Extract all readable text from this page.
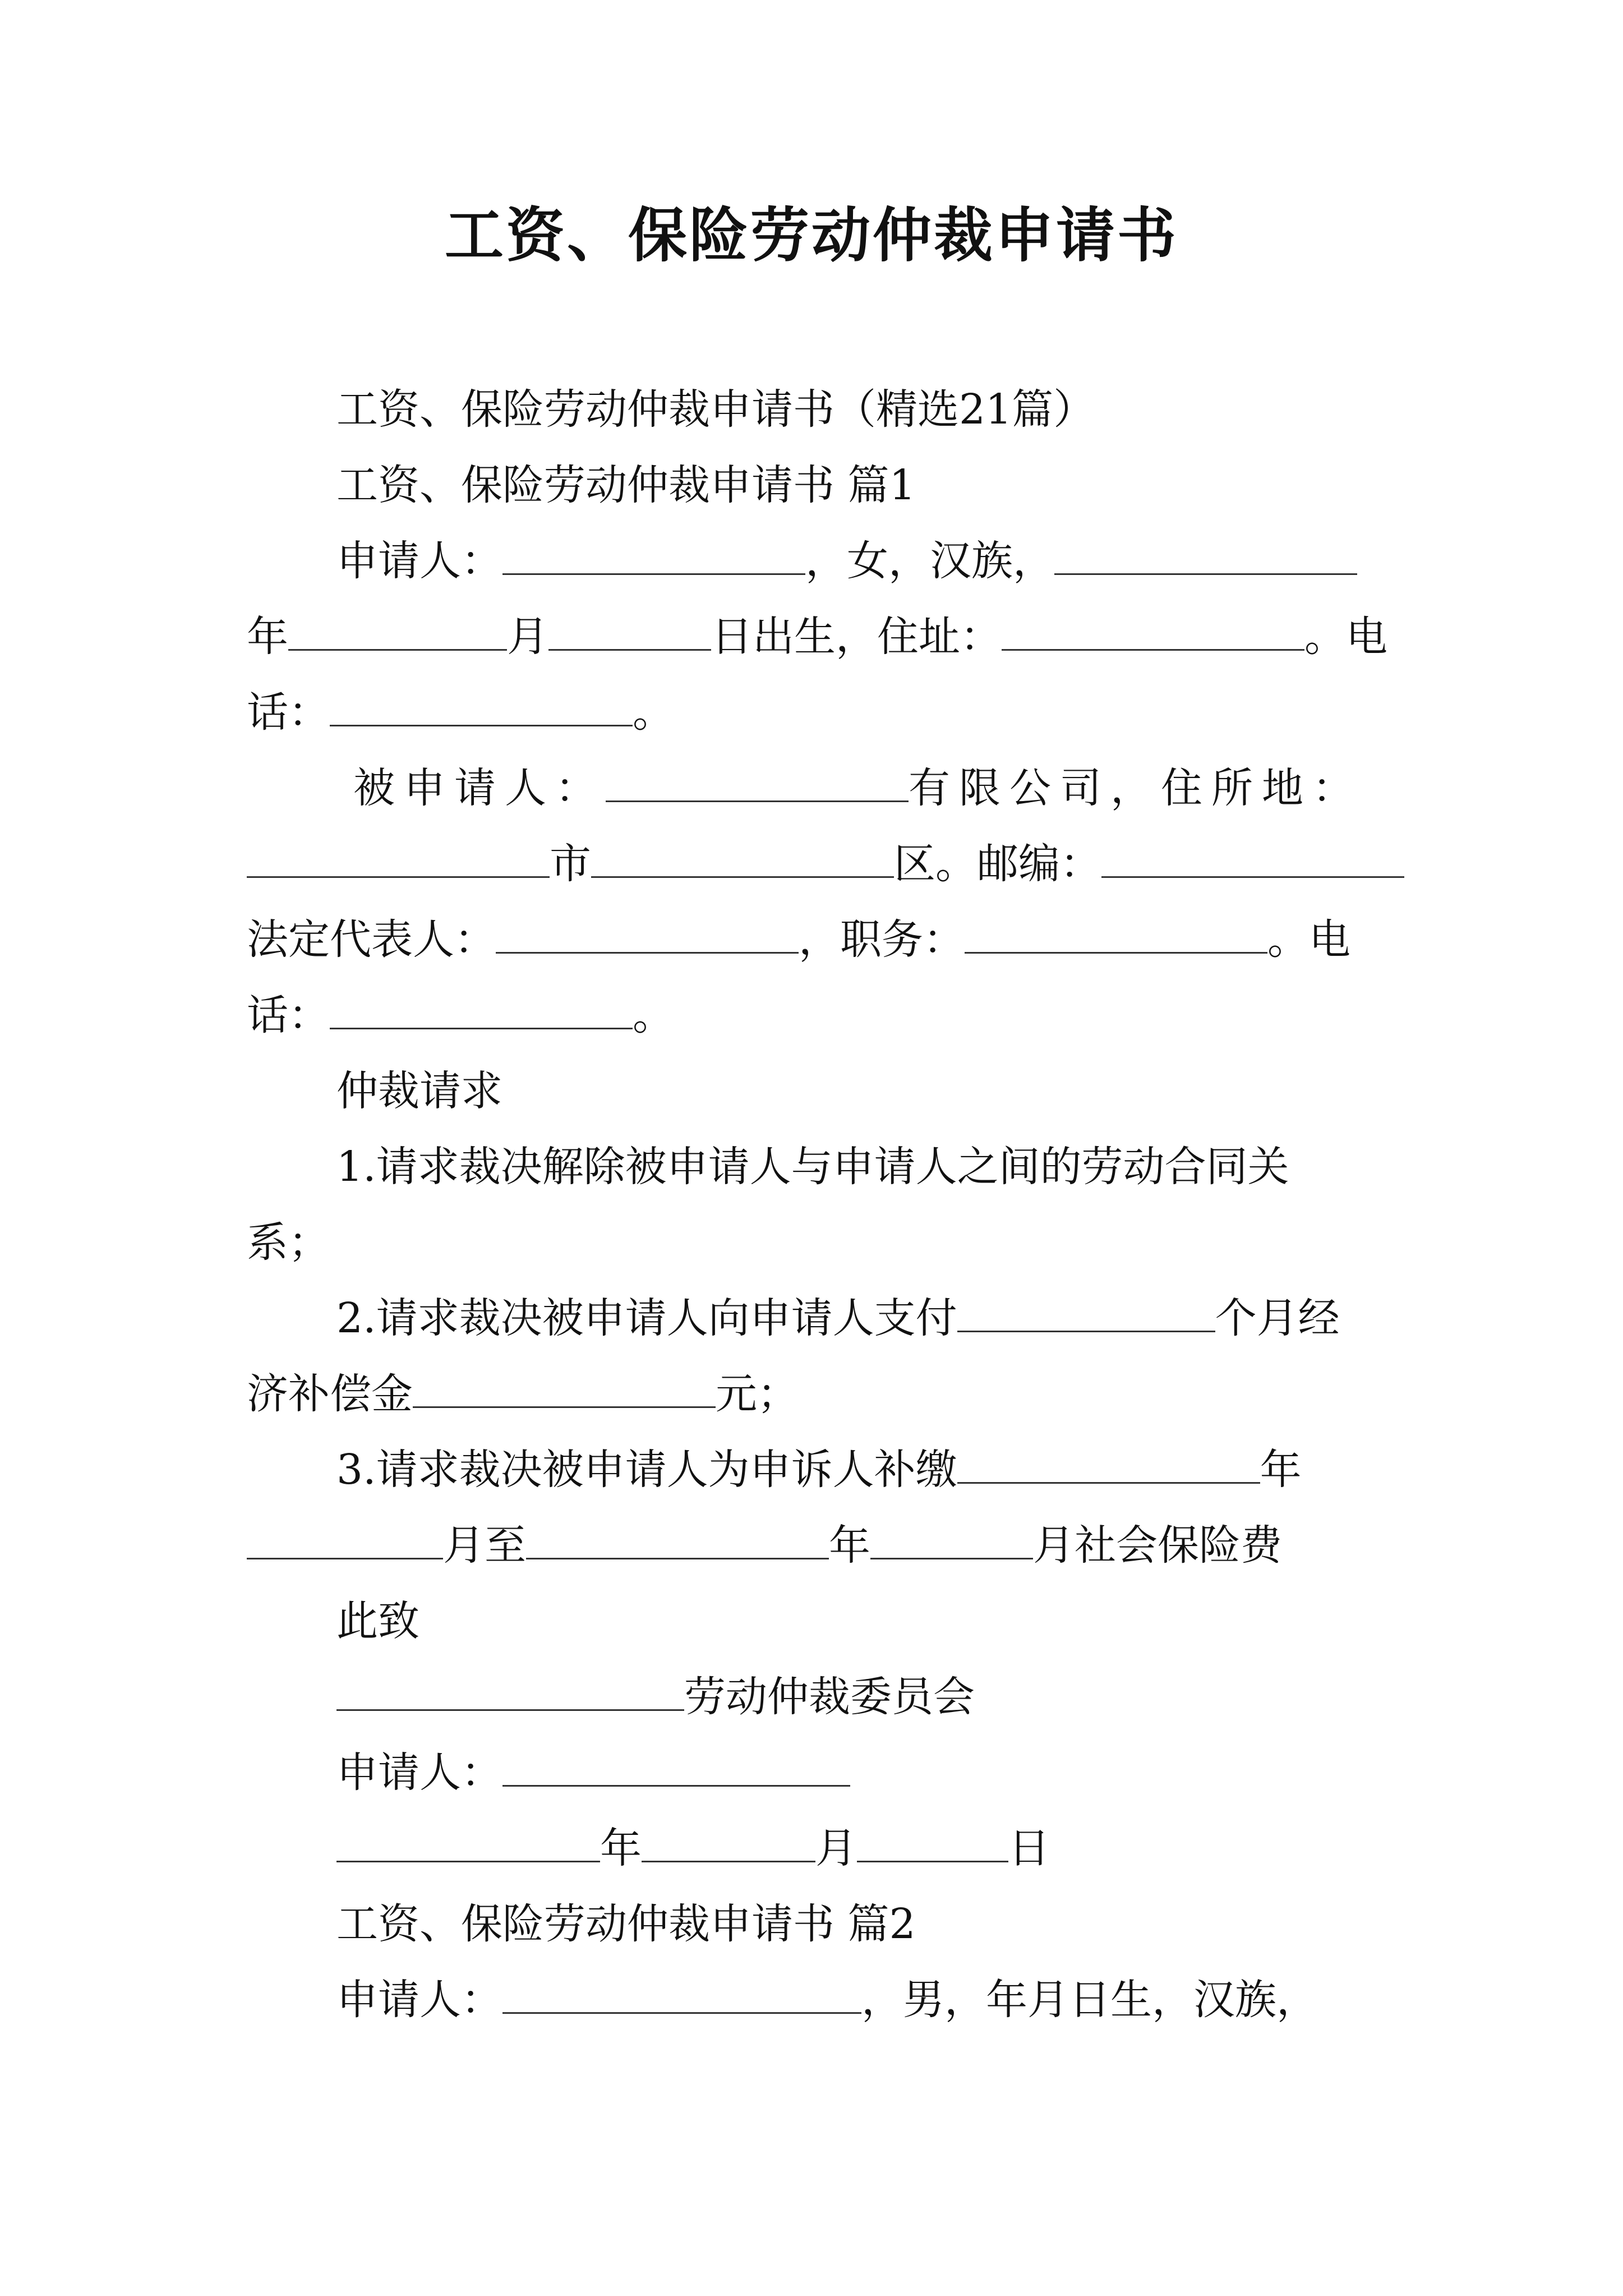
工资、保险劳动仲裁申请书
工资、保险劳动仲裁申请书（精选21篇）
工资、保险劳动仲裁申请书 篇1
申请人：	，女，汉族，
年	月	日出生，住址：	。电
话：	。
被申请人：	有限公司，住所地：
市	区。邮编：
法定代表人：	，职务：	。电
话：	。
仲裁请求
1.请求裁决解除被申请人与申请人之间的劳动合同关
系；
2.请求裁决被申请人向申请人支付	个月经
济补偿金	元；
3.请求裁决被申请人为申诉人补缴	年
月至	年	月社会保险费
此致
劳动仲裁委员会
申请人：
年	月	日
工资、保险劳动仲裁申请书 篇2
申请人：	，男，年月日生，汉族，
